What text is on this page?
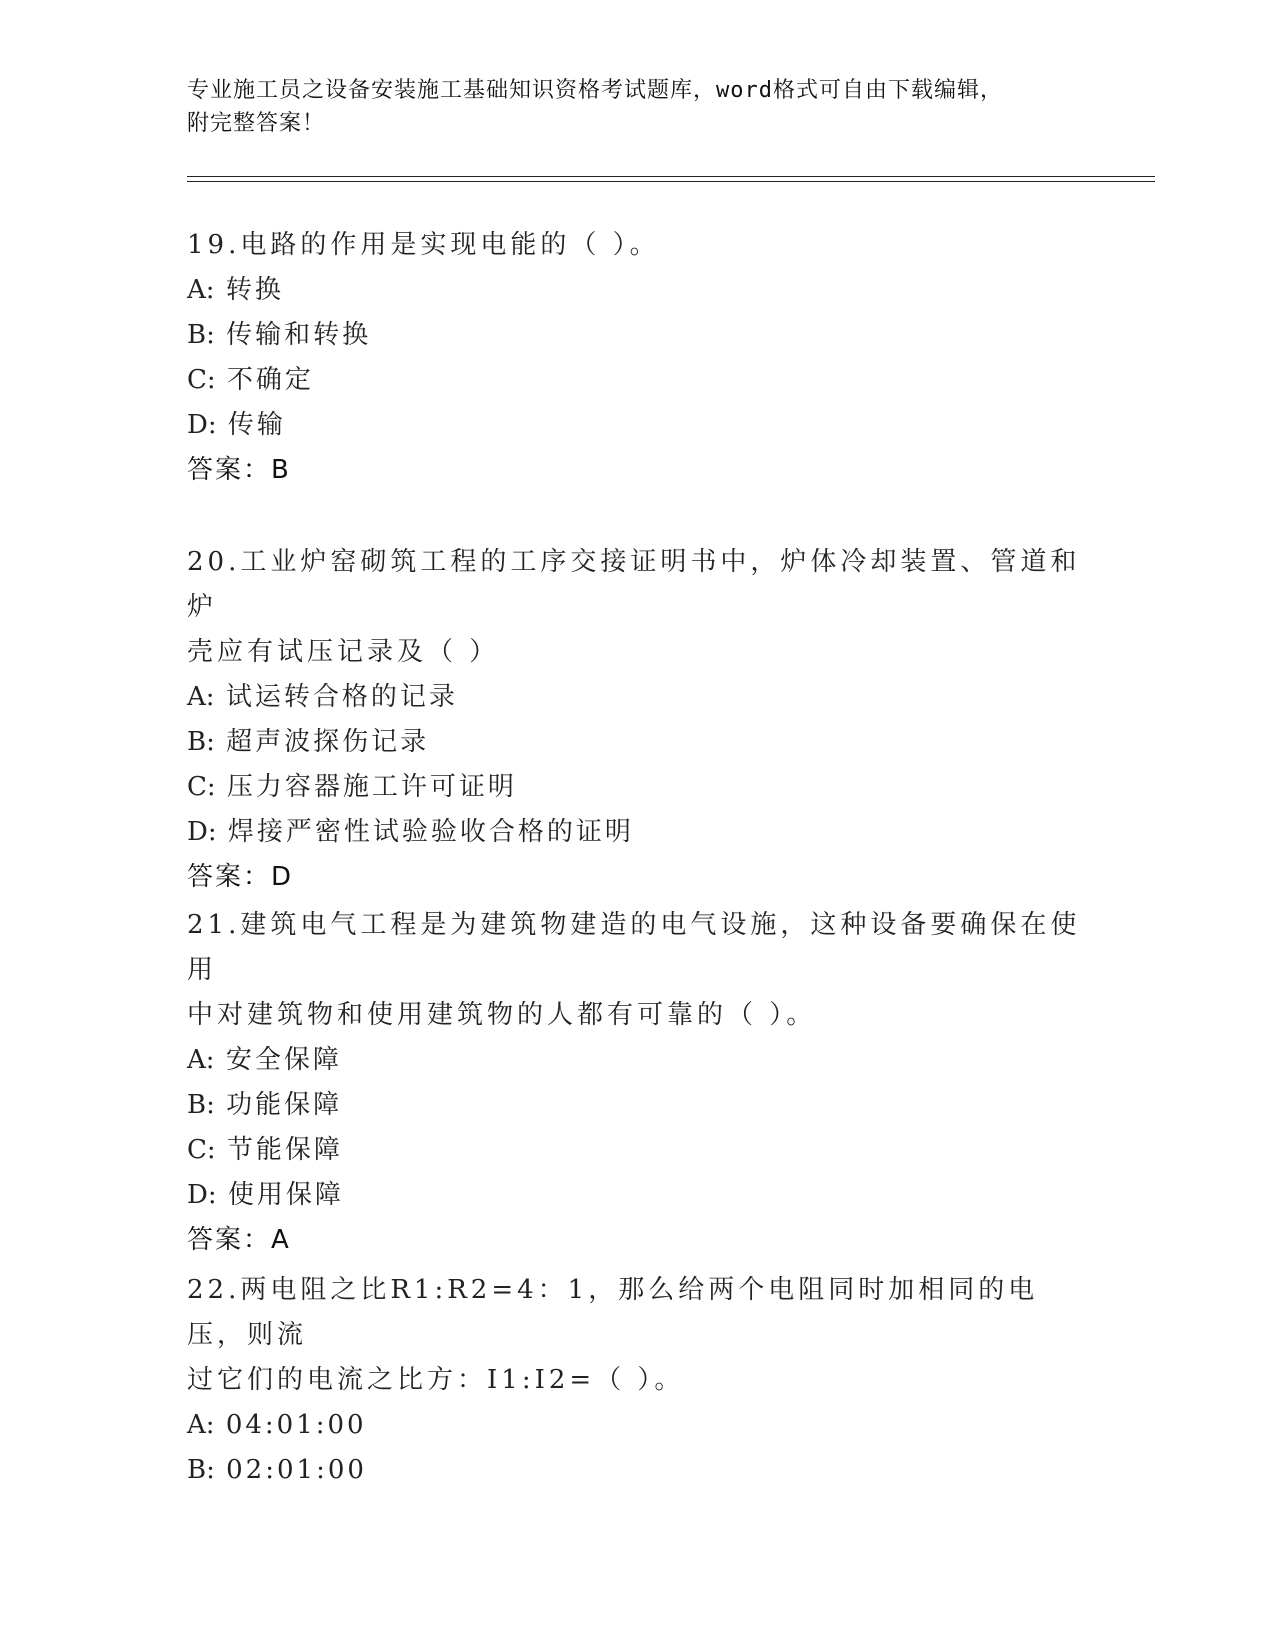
专业施工员之设备安装施工基础知识资格考试题库，word格式可自由下载编辑，
附完整答案！

19.电路的作用是实现电能的（ ）。

A: 转换

B: 传输和转换

C: 不确定

D: 传输

答案：B

20.工业炉窑砌筑工程的工序交接证明书中，炉体冷却装置、管道和炉

壳应有试压记录及（ ）

A: 试运转合格的记录

B: 超声波探伤记录

C: 压力容器施工许可证明

D: 焊接严密性试验验收合格的证明

答案：D

21.建筑电气工程是为建筑物建造的电气设施，这种设备要确保在使用

中对建筑物和使用建筑物的人都有可靠的（ ）。

A: 安全保障

B: 功能保障

C: 节能保障

D: 使用保障

答案：A

22.两电阻之比R1:R2=4：1，那么给两个电阻同时加相同的电压，则流

过它们的电流之比方：I1:I2=（ ）。

A: 04:01:00

B: 02:01:00
